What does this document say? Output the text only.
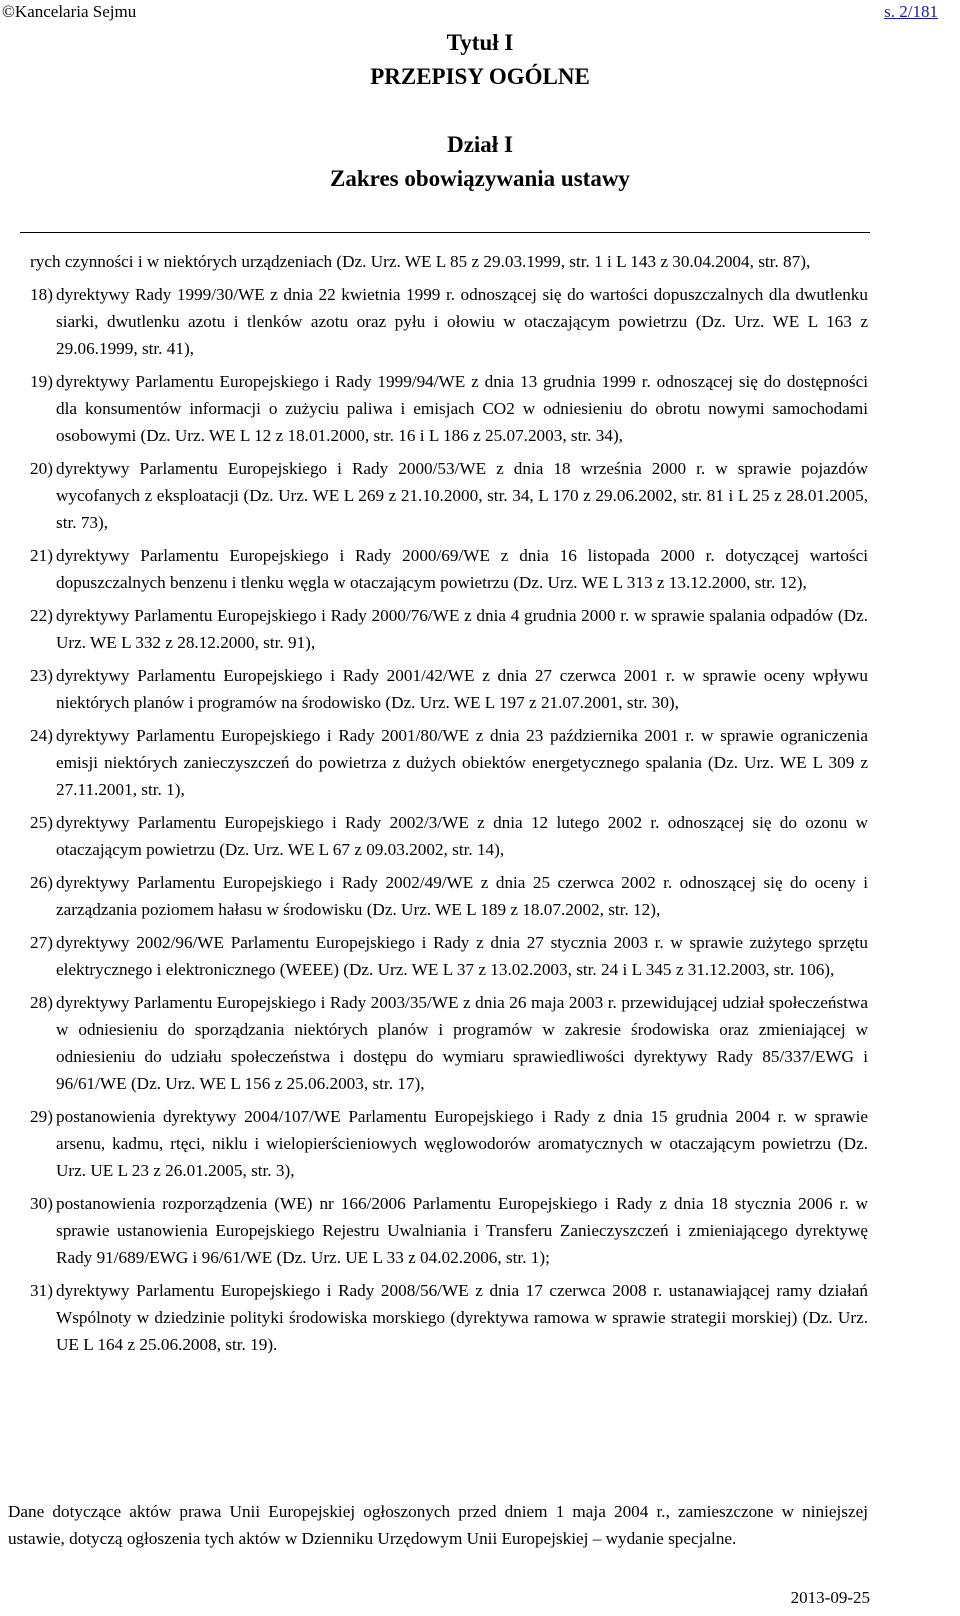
©Kancelaria Sejmu	s. 2/181
Tytuł I
PRZEPISY OGÓLNE
Dział I
Zakres obowiązywania ustawy
rych czynności i w niektórych urządzeniach (Dz. Urz. WE L 85 z 29.03.1999, str. 1 i L 143 z 30.04.2004, str. 87),
18) dyrektywy Rady 1999/30/WE z dnia 22 kwietnia 1999 r. odnoszącej się do wartości dopuszczalnych dla dwutlenku siarki, dwutlenku azotu i tlenków azotu oraz pyłu i ołowiu w otaczającym powietrzu (Dz. Urz. WE L 163 z 29.06.1999, str. 41),
19) dyrektywy Parlamentu Europejskiego i Rady 1999/94/WE z dnia 13 grudnia 1999 r. odnoszącej się do dostępności dla konsumentów informacji o zużyciu paliwa i emisjach CO2 w odniesieniu do obrotu nowymi samochodami osobowymi (Dz. Urz. WE L 12 z 18.01.2000, str. 16 i L 186 z 25.07.2003, str. 34),
20) dyrektywy Parlamentu Europejskiego i Rady 2000/53/WE z dnia 18 września 2000 r. w sprawie pojazdów wycofanych z eksploatacji (Dz. Urz. WE L 269 z 21.10.2000, str. 34, L 170 z 29.06.2002, str. 81 i L 25 z 28.01.2005, str. 73),
21) dyrektywy Parlamentu Europejskiego i Rady 2000/69/WE z dnia 16 listopada 2000 r. dotyczącej wartości dopuszczalnych benzenu i tlenku węgla w otaczającym powietrzu (Dz. Urz. WE L 313 z 13.12.2000, str. 12),
22) dyrektywy Parlamentu Europejskiego i Rady 2000/76/WE z dnia 4 grudnia 2000 r. w sprawie spalania odpadów (Dz. Urz. WE L 332 z 28.12.2000, str. 91),
23) dyrektywy Parlamentu Europejskiego i Rady 2001/42/WE z dnia 27 czerwca 2001 r. w sprawie oceny wpływu niektórych planów i programów na środowisko (Dz. Urz. WE L 197 z 21.07.2001, str. 30),
24) dyrektywy Parlamentu Europejskiego i Rady 2001/80/WE z dnia 23 października 2001 r. w sprawie ograniczenia emisji niektórych zanieczyszczeń do powietrza z dużych obiektów energetycznego spalania (Dz. Urz. WE L 309 z 27.11.2001, str. 1),
25) dyrektywy Parlamentu Europejskiego i Rady 2002/3/WE z dnia 12 lutego 2002 r. odnoszącej się do ozonu w otaczającym powietrzu (Dz. Urz. WE L 67 z 09.03.2002, str. 14),
26) dyrektywy Parlamentu Europejskiego i Rady 2002/49/WE z dnia 25 czerwca 2002 r. odnoszącej się do oceny i zarządzania poziomem hałasu w środowisku (Dz. Urz. WE L 189 z 18.07.2002, str. 12),
27) dyrektywy 2002/96/WE Parlamentu Europejskiego i Rady z dnia 27 stycznia 2003 r. w sprawie zużytego sprzętu elektrycznego i elektronicznego (WEEE) (Dz. Urz. WE L 37 z 13.02.2003, str. 24 i L 345 z 31.12.2003, str. 106),
28) dyrektywy Parlamentu Europejskiego i Rady 2003/35/WE z dnia 26 maja 2003 r. przewidującej udział społeczeństwa w odniesieniu do sporządzania niektórych planów i programów w zakresie środowiska oraz zmieniającej w odniesieniu do udziału społeczeństwa i dostępu do wymiaru sprawiedliwości dyrektywy Rady 85/337/EWG i 96/61/WE (Dz. Urz. WE L 156 z 25.06.2003, str. 17),
29) postanowienia dyrektywy 2004/107/WE Parlamentu Europejskiego i Rady z dnia 15 grudnia 2004 r. w sprawie arsenu, kadmu, rtęci, niklu i wielopierścieniowych węglowodorów aromatycznych w otaczającym powietrzu (Dz. Urz. UE L 23 z 26.01.2005, str. 3),
30) postanowienia rozporządzenia (WE) nr 166/2006 Parlamentu Europejskiego i Rady z dnia 18 stycznia 2006 r. w sprawie ustanowienia Europejskiego Rejestru Uwalniania i Transferu Zanieczyszczeń i zmieniającego dyrektywę Rady 91/689/EWG i 96/61/WE (Dz. Urz. UE L 33 z 04.02.2006, str. 1);
31) dyrektywy Parlamentu Europejskiego i Rady 2008/56/WE z dnia 17 czerwca 2008 r. ustanawiającej ramy działań Wspólnoty w dziedzinie polityki środowiska morskiego (dyrektywa ramowa w sprawie strategii morskiej) (Dz. Urz. UE L 164 z 25.06.2008, str. 19).
Dane dotyczące aktów prawa Unii Europejskiej ogłoszonych przed dniem 1 maja 2004 r., zamieszczone w niniejszej ustawie, dotyczą ogłoszenia tych aktów w Dzienniku Urzędowym Unii Europejskiej – wydanie specjalne.
2013-09-25
